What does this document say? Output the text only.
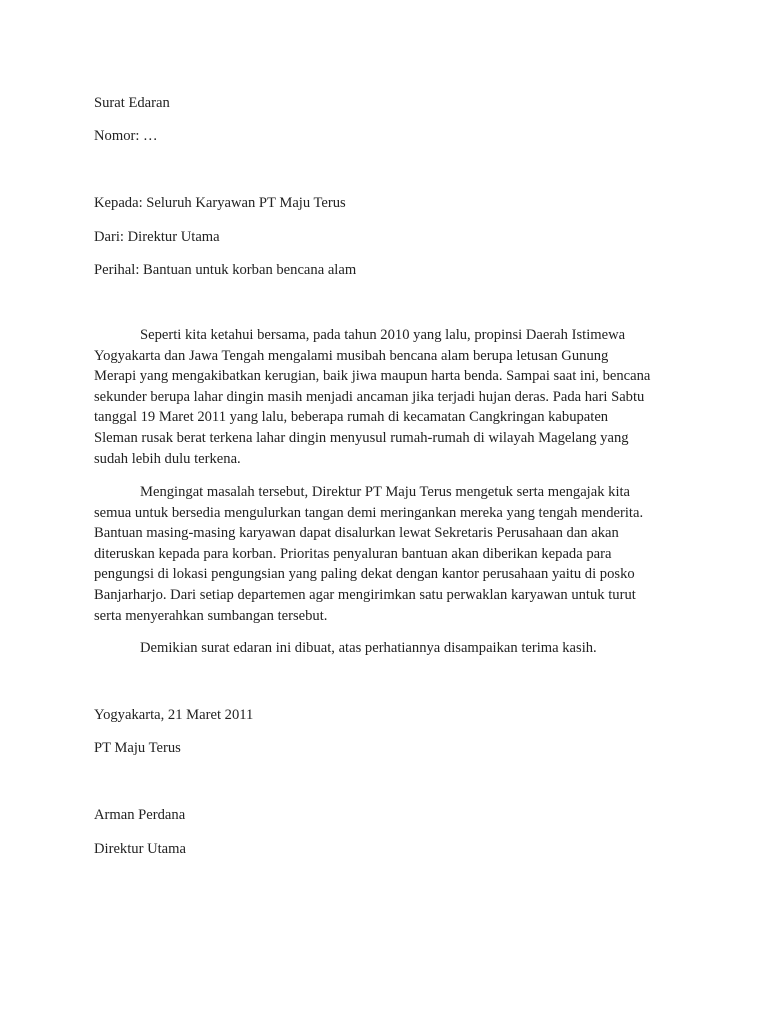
Surat Edaran
Nomor: …
Kepada: Seluruh Karyawan PT Maju Terus
Dari: Direktur Utama
Perihal: Bantuan untuk korban bencana alam

Seperti kita ketahui bersama, pada tahun 2010 yang lalu, propinsi Daerah Istimewa Yogyakarta dan Jawa Tengah mengalami musibah bencana alam berupa letusan Gunung Merapi yang mengakibatkan kerugian, baik jiwa maupun harta benda. Sampai saat ini, bencana sekunder berupa lahar dingin masih menjadi ancaman jika terjadi hujan deras. Pada hari Sabtu tanggal 19 Maret 2011 yang lalu, beberapa rumah di kecamatan Cangkringan kabupaten Sleman rusak berat terkena lahar dingin menyusul rumah-rumah di wilayah Magelang yang sudah lebih dulu terkena.

Mengingat masalah tersebut, Direktur PT Maju Terus mengetuk serta mengajak kita semua untuk bersedia mengulurkan tangan demi meringankan mereka yang tengah menderita. Bantuan masing-masing karyawan dapat disalurkan lewat Sekretaris Perusahaan dan akan diteruskan kepada para korban. Prioritas penyaluran bantuan akan diberikan kepada para pengungsi di lokasi pengungsian yang paling dekat dengan kantor perusahaan yaitu di posko Banjarharjo. Dari setiap departemen agar mengirimkan satu perwaklan karyawan untuk turut serta menyerahkan sumbangan tersebut.

Demikian surat edaran ini dibuat, atas perhatiannya disampaikan terima kasih.

Yogyakarta, 21 Maret 2011
PT Maju Terus
Arman Perdana
Direktur Utama
